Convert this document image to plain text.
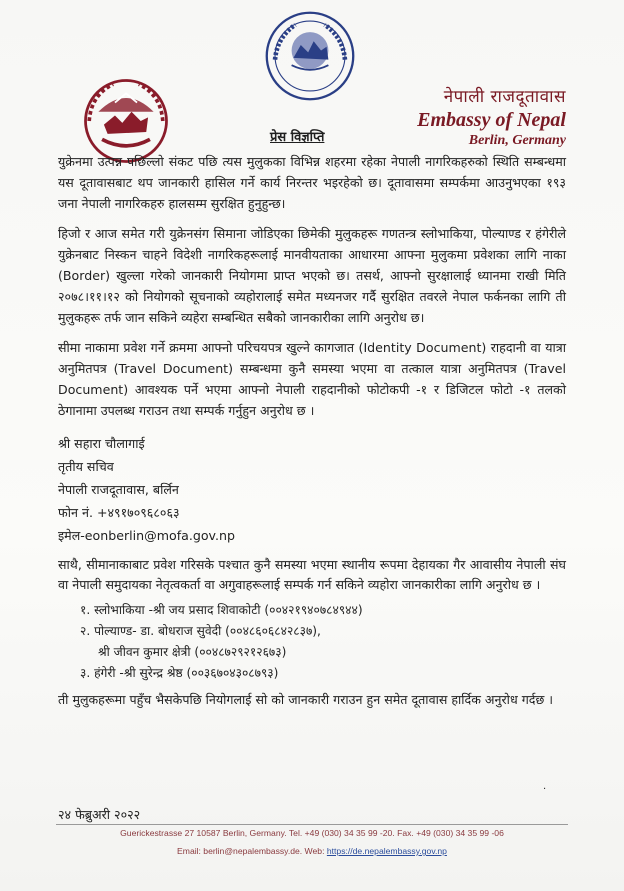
नेपाली राजदूतावास
Embassy of Nepal
Berlin, Germany
प्रेस विज्ञप्ति

युक्रेनमा उत्पन्न पछिल्लो संकट पछि त्यस मुलुकका विभिन्न शहरमा रहेका नेपाली नागरिकहरुको स्थिति सम्बन्धमा यस दूतावासबाट थप जानकारी हासिल गर्ने कार्य निरन्तर भइरहेको छ। दूतावासमा सम्पर्कमा आउनुभएका १९३ जना नेपाली नागरिकहरु हालसम्म सुरक्षित हुनुहुन्छ।

हिजो र आज समेत गरी युक्रेनसंग सिमाना जोडिएका छिमेकी मुलुकहरू गणतन्त्र स्लोभाकिया, पोल्याण्ड र हंगेरीले युक्रेनबाट निस्कन चाहने विदेशी नागरिकहरूलाई मानवीयताका आधारमा आफ्ना मुलुकमा प्रवेशका लागि नाका (Border) खुल्ला गरेको जानकारी नियोगमा प्राप्त भएको छ। तसर्थ, आफ्नो सुरक्षालाई ध्यानमा राखी मिति २०७८।११।१२ को नियोगको सूचनाको व्यहोरालाई समेत मध्यनजर गर्दै सुरक्षित तवरले नेपाल फर्कनका लागि ती मुलुकहरू तर्फ जान सकिने व्यहेरा सम्बन्धित सबैको जानकारीका लागि अनुरोध छ।

सीमा नाकामा प्रवेश गर्ने क्रममा आफ्नो परिचयपत्र खुल्ने कागजात (Identity Document) राहदानी वा यात्रा अनुमितपत्र (Travel Document) सम्बन्धमा कुनै समस्या भएमा वा तत्काल यात्रा अनुमितपत्र (Travel Document) आवश्यक पर्ने भएमा आफ्नो नेपाली राहदानीको फोटोकपी -१ र डिजिटल फोटो -१ तलको ठेगानामा उपलब्ध गराउन तथा सम्पर्क गर्नुहुन अनुरोध छ ।

श्री सहारा चौलागाई
तृतीय सचिव
नेपाली राजदूतावास, बर्लिन
फोन नं. +४९१७०९६८०६३
इमेल-eonberlin@mofa.gov.np

साथै, सीमानाकाबाट प्रवेश गरिसके पश्चात कुनै समस्या भएमा स्थानीय रूपमा देहायका गैर आवासीय नेपाली संघ वा नेपाली समुदायका नेतृत्वकर्ता वा अगुवाहरूलाई सम्पर्क गर्न सकिने व्यहोरा जानकारीका लागि अनुरोध छ ।

१. स्लोभाकिया -श्री जय प्रसाद शिवाकोटी (००४२१९४०७८४९४४)
२. पोल्याण्ड- डा. बोधराज सुवेदी (००४८६०६८४२८३७),
श्री जीवन कुमार क्षेत्री (००४८७२९२१२६७३)
३. हंगेरी -श्री सुरेन्द्र श्रेष्ठ (००३६७०४३०८७९३)

ती मुलुकहरूमा पहुँच भैसकेपछि नियोगलाई सो को जानकारी गराउन हुन समेत दूतावास हार्दिक अनुरोध गर्दछ ।

·
२४ फेब्रुअरी २०२२
Guerickestrasse 27 10587 Berlin, Germany. Tel. +49 (030) 34 35 99 -20. Fax. +49 (030) 34 35 99 -06
Email: berlin@nepalembassy.de. Web: https://de.nepalembassy.gov.np
